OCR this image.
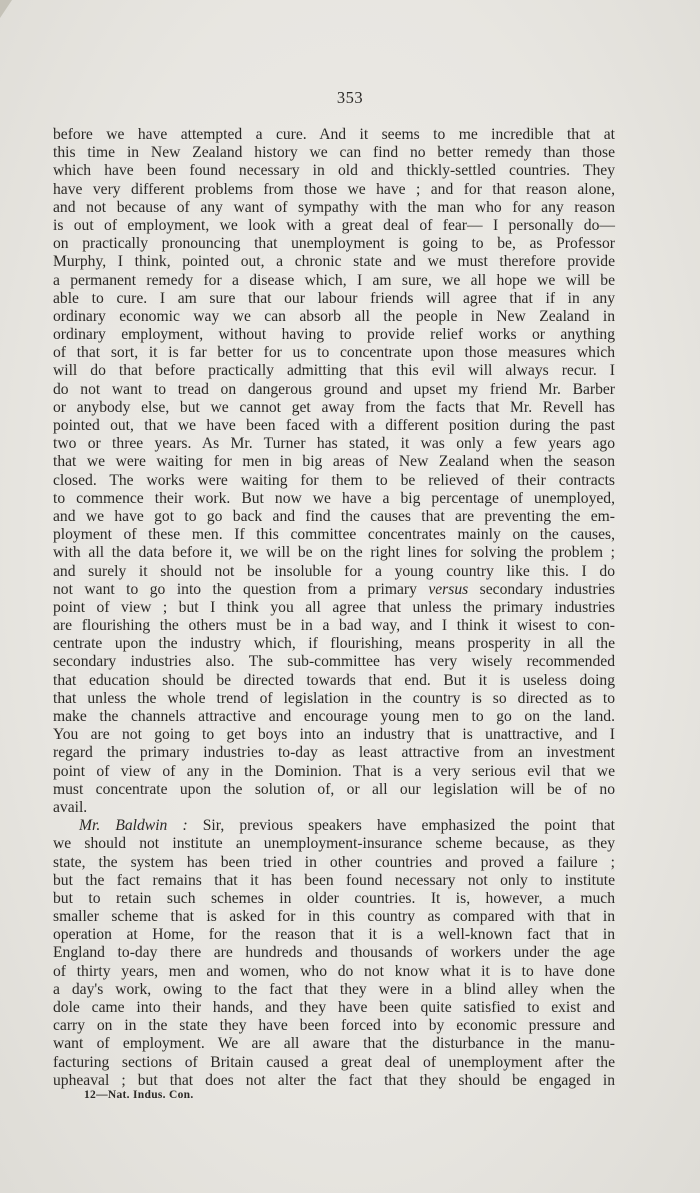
353
before we have attempted a cure. And it seems to me incredible that at
this time in New Zealand history we can find no better remedy than those
which have been found necessary in old and thickly-settled countries. They
have very different problems from those we have ; and for that reason alone,
and not because of any want of sympathy with the man who for any reason
is out of employment, we look with a great deal of fear— I personally do—
on practically pronouncing that unemployment is going to be, as Professor
Murphy, I think, pointed out, a chronic state and we must therefore provide
a permanent remedy for a disease which, I am sure, we all hope we will be
able to cure. I am sure that our labour friends will agree that if in any
ordinary economic way we can absorb all the people in New Zealand in
ordinary employment, without having to provide relief works or anything
of that sort, it is far better for us to concentrate upon those measures which
will do that before practically admitting that this evil will always recur. I
do not want to tread on dangerous ground and upset my friend Mr. Barber
or anybody else, but we cannot get away from the facts that Mr. Revell has
pointed out, that we have been faced with a different position during the past
two or three years. As Mr. Turner has stated, it was only a few years ago
that we were waiting for men in big areas of New Zealand when the season
closed. The works were waiting for them to be relieved of their contracts
to commence their work. But now we have a big percentage of unemployed,
and we have got to go back and find the causes that are preventing the em-
ployment of these men. If this committee concentrates mainly on the causes,
with all the data before it, we will be on the right lines for solving the problem ;
and surely it should not be insoluble for a young country like this. I do
not want to go into the question from a primary versus secondary industries
point of view ; but I think you all agree that unless the primary industries
are flourishing the others must be in a bad way, and I think it wisest to con-
centrate upon the industry which, if flourishing, means prosperity in all the
secondary industries also. The sub-committee has very wisely recommended
that education should be directed towards that end. But it is useless doing
that unless the whole trend of legislation in the country is so directed as to
make the channels attractive and encourage young men to go on the land.
You are not going to get boys into an industry that is unattractive, and I
regard the primary industries to-day as least attractive from an investment
point of view of any in the Dominion. That is a very serious evil that we
must concentrate upon the solution of, or all our legislation will be of no
avail.
Mr. Baldwin : Sir, previous speakers have emphasized the point that
we should not institute an unemployment-insurance scheme because, as they
state, the system has been tried in other countries and proved a failure ;
but the fact remains that it has been found necessary not only to institute
but to retain such schemes in older countries. It is, however, a much
smaller scheme that is asked for in this country as compared with that in
operation at Home, for the reason that it is a well-known fact that in
England to-day there are hundreds and thousands of workers under the age
of thirty years, men and women, who do not know what it is to have done
a day's work, owing to the fact that they were in a blind alley when the
dole came into their hands, and they have been quite satisfied to exist and
carry on in the state they have been forced into by economic pressure and
want of employment. We are all aware that the disturbance in the manu-
facturing sections of Britain caused a great deal of unemployment after the
upheaval ; but that does not alter the fact that they should be engaged in
12—Nat. Indus. Con.
